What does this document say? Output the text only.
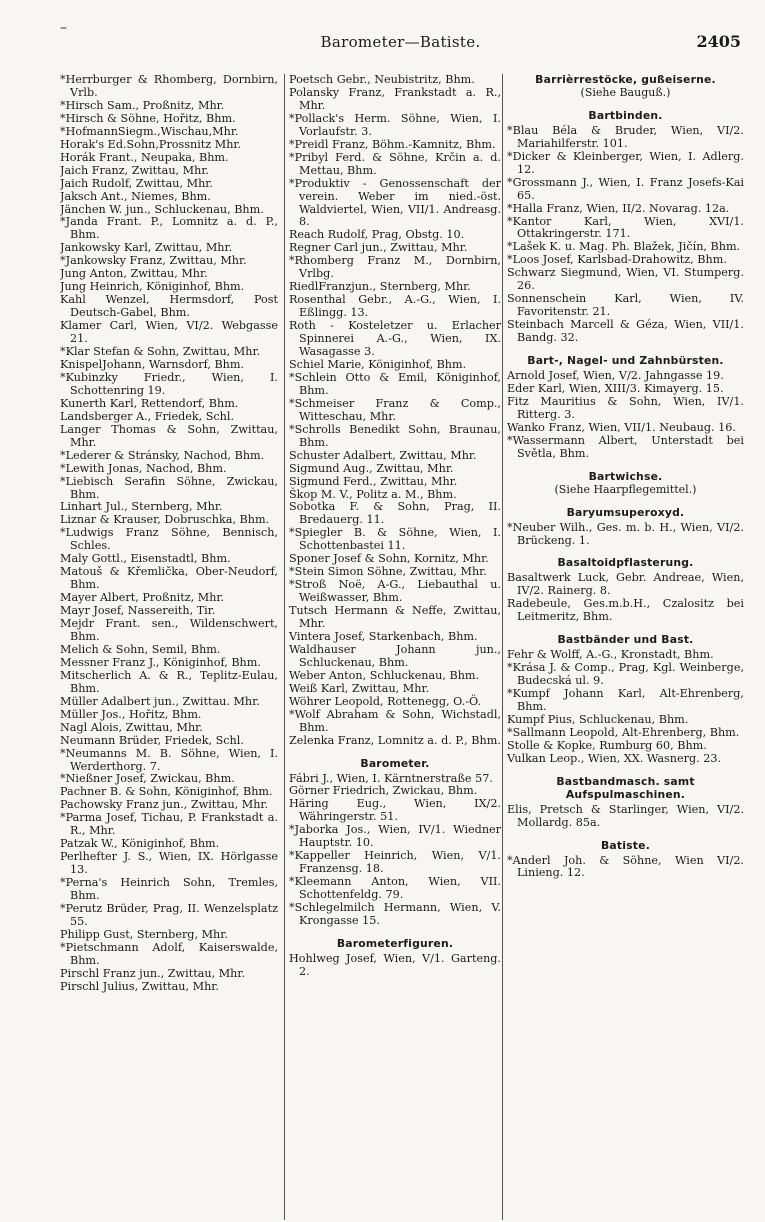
–
Barometer—Batiste.	2405

*Herrburger & Rhomberg, Dornbirn, Vrlb.

*Hirsch Sam., Proßnitz, Mhr.

*Hirsch & Söhne, Hořitz, Bhm.

*HofmannSiegm.,Wischau,Mhr.

Horak's Ed.Sohn,Prossnitz Mhr.

Horák Frant., Neupaka, Bhm.

Jaich Franz, Zwittau, Mhr.

Jaich Rudolf, Zwittau, Mhr.

Jaksch Ant., Niemes, Bhm.

Jänchen W. jun., Schluckenau, Bhm.

*Janda Frant. P., Lomnitz a. d. P., Bhm.

Jankowsky Karl, Zwittau, Mhr.

*Jankowsky Franz, Zwittau, Mhr.

Jung Anton, Zwittau, Mhr.

Jung Heinrich, Königinhof, Bhm.

Kahl Wenzel, Hermsdorf, Post Deutsch-Gabel, Bhm.

Klamer Carl, Wien, VI/2. Webgasse 21.

*Klar Stefan & Sohn, Zwittau, Mhr.

KnispelJohann, Warnsdorf, Bhm.

*Kubinzky Friedr., Wien, I. Schottenring 19.

Kunerth Karl, Rettendorf, Bhm.

Landsberger A., Friedek, Schl.

Langer Thomas & Sohn, Zwittau, Mhr.

*Lederer & Stránsky, Nachod, Bhm.

*Lewith Jonas, Nachod, Bhm.

*Liebisch Serafin Söhne, Zwickau, Bhm.

Linhart Jul., Sternberg, Mhr.

Liznar & Krauser, Dobruschka, Bhm.

*Ludwigs Franz Söhne, Bennisch, Schles.

Maly Gottl., Eisenstadtl, Bhm.

Matouš & Křemlička, Ober-Neudorf, Bhm.

Mayer Albert, Proßnitz, Mhr.

Mayr Josef, Nassereith, Tir.

Mejdr Frant. sen., Wildenschwert, Bhm.

Melich & Sohn, Semil, Bhm.

Messner Franz J., Königinhof, Bhm.

Mitscherlich A. & R., Teplitz-Eulau, Bhm.

Müller Adalbert jun., Zwittau. Mhr.

Müller Jos., Hořitz, Bhm.

Nagl Alois, Zwittau, Mhr.

Neumann Brüder, Friedek, Schl.

*Neumanns M. B. Söhne, Wien, I. Werderthorg. 7.

*Nießner Josef, Zwickau, Bhm.

Pachner B. & Sohn, Königinhof, Bhm.

Pachowsky Franz jun., Zwittau, Mhr.

*Parma Josef, Tichau, P. Frankstadt a. R., Mhr.

Patzak W., Königinhof, Bhm.

Perlhefter J. S., Wien, IX. Hörlgasse 13.

*Perna's Heinrich Sohn, Tremles, Bhm.

*Perutz Brüder, Prag, II. Wenzelsplatz 55.

Philipp Gust, Sternberg, Mhr.

*Pietschmann Adolf, Kaiserswalde, Bhm.

Pirschl Franz jun., Zwittau, Mhr.

Pirschl Julius, Zwittau, Mhr.

Poetsch Gebr., Neubistritz, Bhm.

Polansky Franz, Frankstadt a. R., Mhr.

*Pollack's Herm. Söhne, Wien, I. Vorlaufstr. 3.

*Preidl Franz, Böhm.-Kamnitz, Bhm.

*Pribyl Ferd. & Söhne, Krčin a. d. Mettau, Bhm.

*Produktiv - Genossenschaft der verein. Weber im nied.-öst. Waldviertel, Wien, VII/1. Andreasg. 8.

Reach Rudolf, Prag, Obstg. 10.

Regner Carl jun., Zwittau, Mhr.

*Rhomberg Franz M., Dornbirn, Vrlbg.

RiedlFranzjun., Sternberg, Mhr.

Rosenthal Gebr., A.-G., Wien, I. Eßlingg. 13.

Roth - Kosteletzer u. Erlacher Spinnerei A.-G., Wien, IX. Wasagasse 3.

Schiel Marie, Königinhof, Bhm.

*Schlein Otto & Emil, Königinhof, Bhm.

*Schmeiser Franz & Comp., Witteschau, Mhr.

*Schrolls Benedikt Sohn, Braunau, Bhm.

Schuster Adalbert, Zwittau, Mhr.

Sigmund Aug., Zwittau, Mhr.

Sigmund Ferd., Zwittau, Mhr.

Škop M. V., Politz a. M., Bhm.

Sobotka F. & Sohn, Prag, II. Bredauerg. 11.

*Spiegler B. & Söhne, Wien, I. Schottenbastei 11.

Sponer Josef & Sohn, Kornitz, Mhr.

*Stein Simon Söhne, Zwittau, Mhr.

*Stroß Noë, A-G., Liebauthal u. Weißwasser, Bhm.

Tutsch Hermann & Neffe, Zwittau, Mhr.

Vintera Josef, Starkenbach, Bhm.

Waldhauser Johann jun., Schluckenau, Bhm.

Weber Anton, Schluckenau, Bhm.

Weiß Karl, Zwittau, Mhr.

Wöhrer Leopold, Rottenegg, O.-Ö.

*Wolf Abraham & Sohn, Wichstadl, Bhm.

Zelenka Franz, Lomnitz a. d. P., Bhm.

Barometer.

Fábri J., Wien, I. Kärntnerstraße 57.

Görner Friedrich, Zwickau, Bhm.

Häring Eug., Wien, IX/2. Währingerstr. 51.

*Jaborka Jos., Wien, IV/1. Wiedner Hauptstr. 10.

*Kappeller Heinrich, Wien, V/1. Franzensg. 18.

*Kleemann Anton, Wien, VII. Schottenfeldg. 79.

*Schlegelmilch Hermann, Wien, V. Krongasse 15.

Barometerfiguren.

Hohlweg Josef, Wien, V/1. Garteng. 2.

Barrièrrestöcke, gußeiserne.
(Siehe Bauguß.)
Bartbinden.

*Blau Béla & Bruder, Wien, VI/2. Mariahilferstr. 101.

*Dicker & Kleinberger, Wien, I. Adlerg. 12.

*Grossmann J., Wien, I. Franz Josefs-Kai 65.

*Halla Franz, Wien, II/2. Novarag. 12a.

*Kantor Karl, Wien, XVI/1. Ottakringerstr. 171.

*Lašek K. u. Mag. Ph. Blažek, Jičín, Bhm.

*Loos Josef, Karlsbad-Drahowitz, Bhm.

Schwarz Siegmund, Wien, VI. Stumperg. 26.

Sonnenschein Karl, Wien, IV. Favoritenstr. 21.

Steinbach Marcell & Géza, Wien, VII/1. Bandg. 32.

Bart-, Nagel- und Zahnbürsten.

Arnold Josef, Wien, V/2. Jahngasse 19.

Eder Karl, Wien, XIII/3. Kimayerg. 15.

Fitz Mauritius & Sohn, Wien, IV/1. Ritterg. 3.

Wanko Franz, Wien, VII/1. Neubaug. 16.

*Wassermann Albert, Unterstadt bei Světla, Bhm.

Bartwichse.
(Siehe Haarpflegemittel.)
Baryumsuperoxyd.

*Neuber Wilh., Ges. m. b. H., Wien, VI/2. Brückeng. 1.

Basaltoidpflasterung.

Basaltwerk Luck, Gebr. Andreae, Wien, IV/2. Rainerg. 8.

Radebeule, Ges.m.b.H., Czalositz bei Leitmeritz, Bhm.

Bastbänder und Bast.

Fehr & Wolff, A.-G., Kronstadt, Bhm.

*Krása J. & Comp., Prag, Kgl. Weinberge, Budecská ul. 9.

*Kumpf Johann Karl, Alt-Ehrenberg, Bhm.

Kumpf Pius, Schluckenau, Bhm.

*Sallmann Leopold, Alt-Ehrenberg, Bhm.

Stolle & Kopke, Rumburg 60, Bhm.

Vulkan Leop., Wien, XX. Wasnerg. 23.

Bastbandmasch. samt Aufspulmaschinen.

Elis, Pretsch & Starlinger, Wien, VI/2. Mollardg. 85a.

Batiste.

*Anderl Joh. & Söhne, Wien VI/2. Linieng. 12.
